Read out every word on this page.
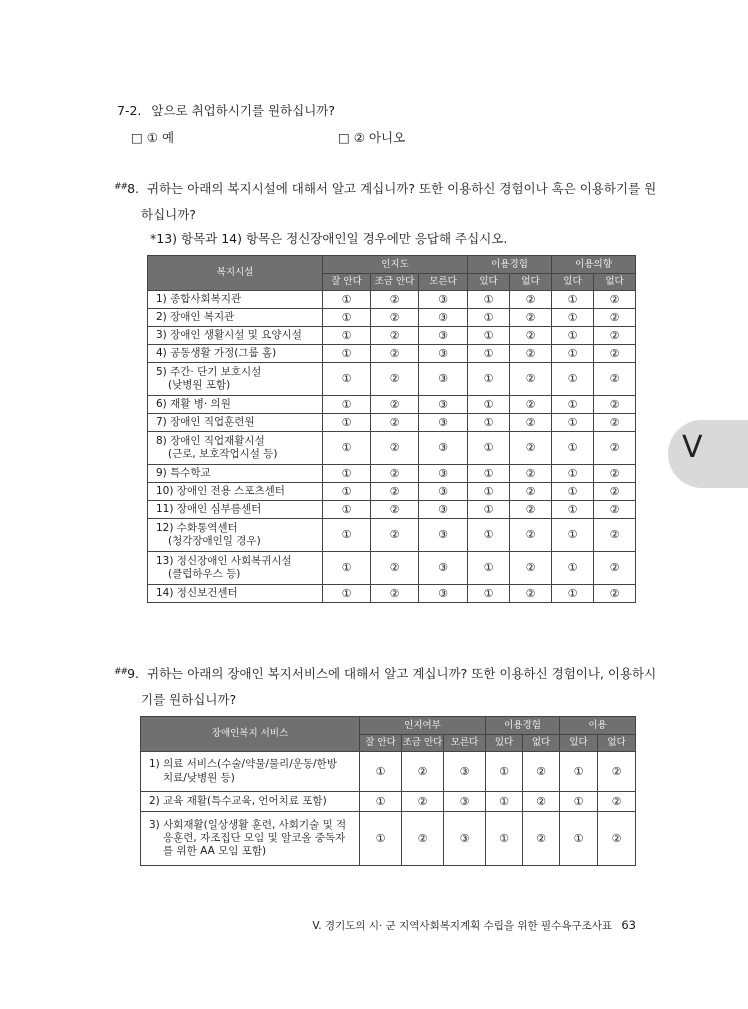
7-2. 앞으로 취업하시기를 원하십니까?
□ ① 예	□ ② 아니오
##8. 귀하는 아래의 복지시설에 대해서 알고 계십니까? 또한 이용하신 경험이나 혹은 이용하기를 원
하십니까?
*13) 항목과 14) 항목은 정신장애인일 경우에만 응답해 주십시오.
복지시설	인지도			이용경험		이용의향	
	잘 안다	조금 안다	모른다	있다	없다	있다	없다

1) 종합사회복지관	①	②	③	①	②	①	②

2) 장애인 복지관	①	②	③	①	②	①	②

3) 장애인 생활시설 및 요양시설	①	②	③	①	②	①	②

4) 공동생활 가정(그룹 홈)	①	②	③	①	②	①	②

5) 주간· 단기 보호시설
(낮병원 포함)	①	②	③	①	②	①	②

6) 재활 병· 의원	①	②	③	①	②	①	②

7) 장애인 직업훈련원	①	②	③	①	②	①	②

8) 장애인 직업재활시설
(근로, 보호작업시설 등)	①	②	③	①	②	①	②

9) 특수학교	①	②	③	①	②	①	②

10) 장애인 전용 스포츠센터	①	②	③	①	②	①	②

11) 장애인 심부름센터	①	②	③	①	②	①	②

12) 수화통역센터
(청각장애인일 경우)	①	②	③	①	②	①	②

13) 정신장애인 사회복귀시설
(클럽하우스 등)	①	②	③	①	②	①	②

14) 정신보건센터	①	②	③	①	②	①	②
##9. 귀하는 아래의 장애인 복지서비스에 대해서 알고 계십니까? 또한 이용하신 경험이나, 이용하시
기를 원하십니까?
장애인복지 서비스	인지여부			이용경험		이용	
	잘 안다	조금 안다	모른다	있다	없다	있다	없다

1) 의료 서비스(수술/약물/물리/운동/한방
치료/낮병원 등)	①	②	③	①	②	①	②

2) 교육 재활(특수교육, 언어치료 포함)	①	②	③	①	②	①	②

3) 사회재활(일상생활 훈련, 사회기술 및 적
응훈련, 자조집단 모임 및 알코올 중독자
를 위한 AA 모임 포함)	①	②	③	①	②	①	②
V
V. 경기도의 시· 군 지역사회복지계획 수립을 위한 필수욕구조사표 63
